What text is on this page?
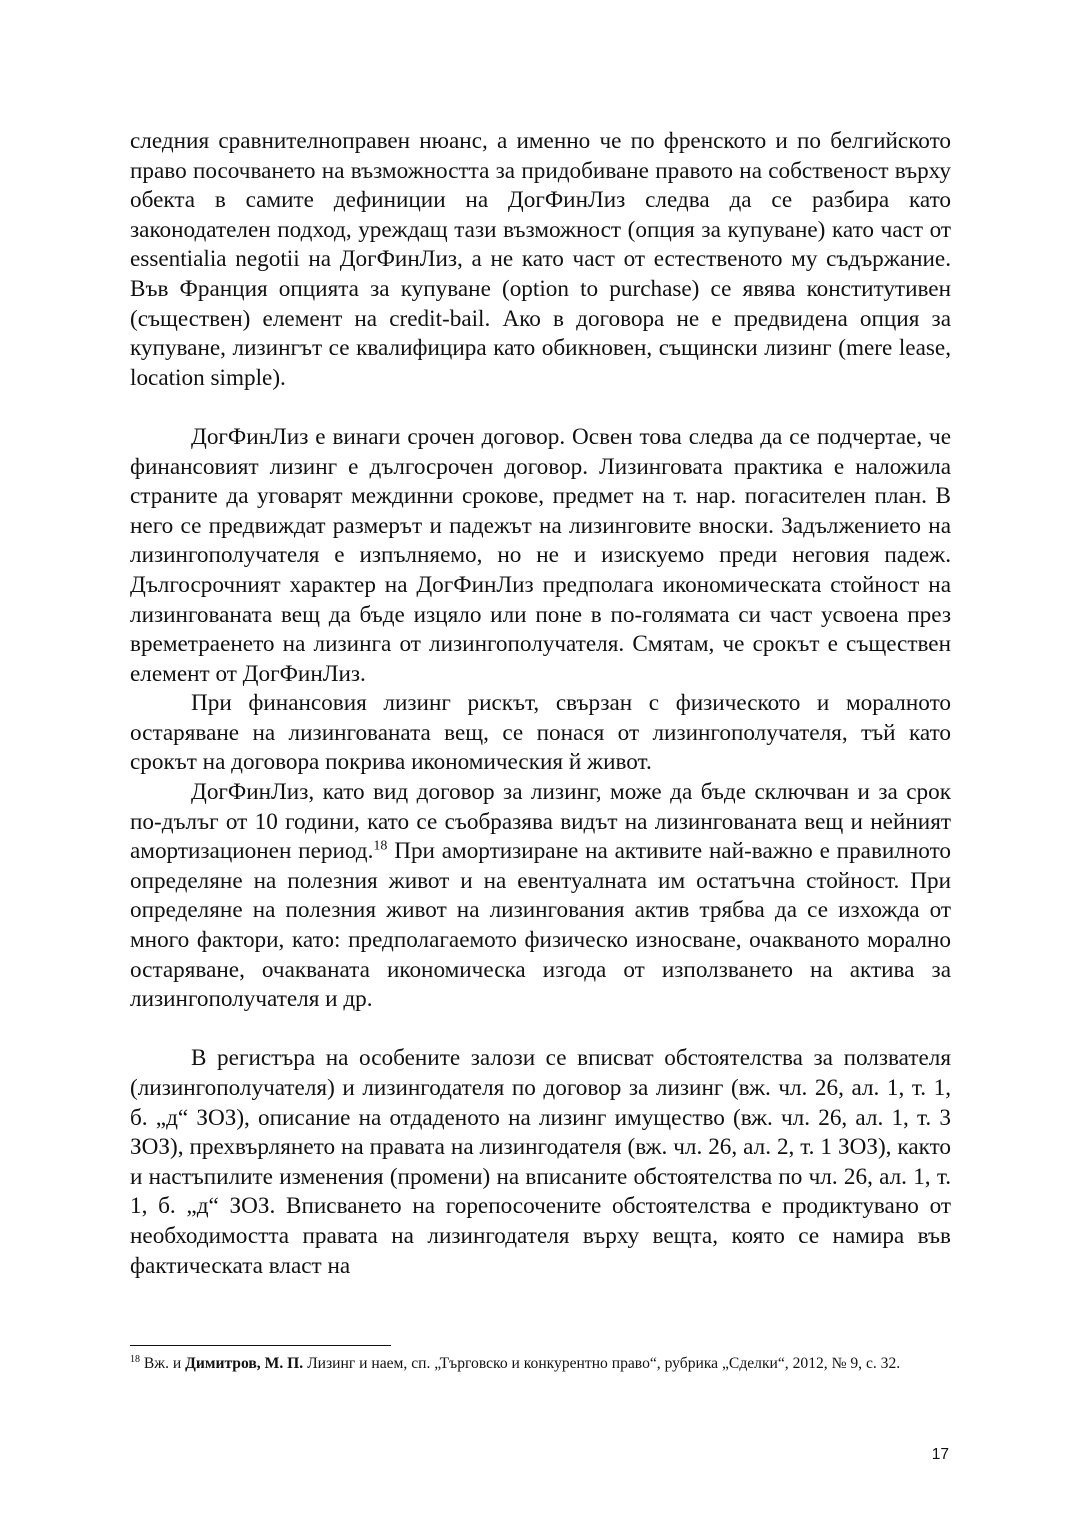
следния сравнителноправен нюанс, а именно че по френското и по белгийското право посочването на възможността за придобиване правото на собственост върху обекта в самите дефиниции на ДогФинЛиз следва да се разбира като законодателен подход, уреждащ тази възможност (опция за купуване) като част от essentialia negotii на ДогФинЛиз, а не като част от естественото му съдържание. Във Франция опцията за купуване (option to purchase) се явява конститутивен (съществен) елемент на credit-bail. Ако в договора не е предвидена опция за купуване, лизингът се квалифицира като обикновен, същински лизинг (mere lease, location simple).

ДогФинЛиз е винаги срочен договор. Освен това следва да се подчертае, че финансовият лизинг е дългосрочен договор. Лизинговата практика е наложила страните да уговарят междинни срокове, предмет на т. нар. погасителен план. В него се предвиждат размерът и падежът на лизинговите вноски. Задължението на лизингополучателя е изпълняемо, но не и изискуемо преди неговия падеж. Дългосрочният характер на ДогФинЛиз предполага икономическата стойност на лизингованата вещ да бъде изцяло или поне в по-голямата си част усвоена през времетраенето на лизинга от лизингополучателя. Смятам, че срокът е съществен елемент от ДогФинЛиз.

При финансовия лизинг рискът, свързан с физическото и моралното остаряване на лизингованата вещ, се понася от лизингополучателя, тъй като срокът на договора покрива икономическия й живот.

ДогФинЛиз, като вид договор за лизинг, може да бъде сключван и за срок по-дълъг от 10 години, като се съобразява видът на лизингованата вещ и нейният амортизационен период.$^{18}$ При амортизиране на активите най-важно е правилното определяне на полезния живот и на евентуалната им остатъчна стойност. При определяне на полезния живот на лизингования актив трябва да се изхожда от много фактори, като: предполагаемото физическо износване, очакваното морално остаряване, очакваната икономическа изгода от използването на актива за лизингополучателя и др.

В регистъра на особените залози се вписват обстоятелства за ползвателя (лизингополучателя) и лизингодателя по договор за лизинг (вж. чл. 26, ал. 1, т. 1, б. „д“ ЗОЗ), описание на отдаденото на лизинг имущество (вж. чл. 26, ал. 1, т. 3 ЗОЗ), прехвърлянето на правата на лизингодателя (вж. чл. 26, ал. 2, т. 1 ЗОЗ), както и настъпилите изменения (промени) на вписаните обстоятелства по чл. 26, ал. 1, т. 1, б. „д“ ЗОЗ. Вписването на горепосочените обстоятелства е продиктувано от необходимостта правата на лизингодателя върху вещта, която се намира във фактическата власт на

$^{18}$ Вж. и Димитров, М. П. Лизинг и наем, сп. „Търговско и конкурентно право“, рубрика „Сделки“, 2012, № 9, с. 32.
17
